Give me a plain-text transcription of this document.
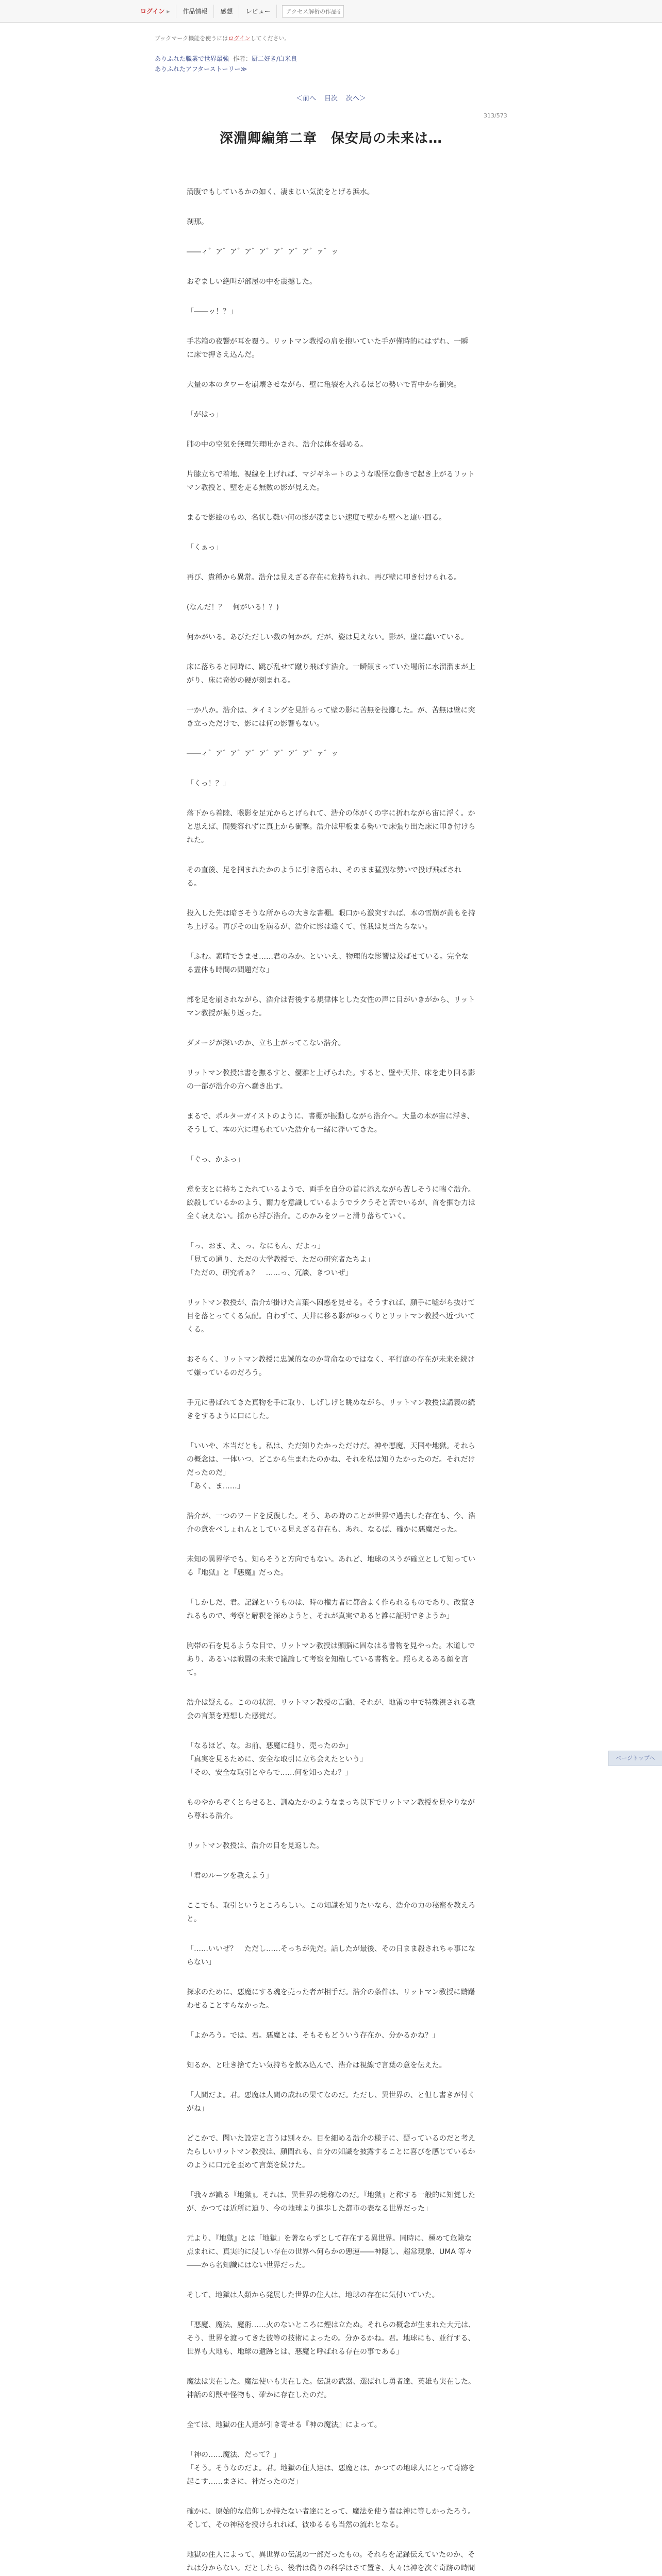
ログイン ▸	作品情報	感想	レビュー
アクセス解析の作品を探す
ブックマーク機能を使うにはログインしてください。
ありふれた職業で世界最強 作者：厨二好き/白米良
ありふれたアフターストーリー≫
＜前へ 目次 次へ＞
313/573
深淵卿編第二章　保安局の未来は…

満腹でもしているかの如く、凄まじい気流をとげる浜水。

刹那。

――ィ゛ア゛ア゛ア゛ア゛ア゛ア゛ア゛ァ゛ッ

おぞましい絶叫が部屋の中を震撼した。

「――ッ！？」

手芯箱の夜響が耳を覆う。リットマン教授の肩を抱いていた手が僅時的にはずれ、一瞬に床で押さえ込んだ。

大量の本のタワーを崩壊させながら、壁に亀裂を入れるほどの勢いで背中から衝突。

「がはっ」

肺の中の空気を無理矢理吐かされ、浩介は体を揺める。

片膝立ちで着地、視線を上げれば、マジギネートのような吸怪な動きで起き上がるリットマン教授と、壁を走る無数の影が見えた。

まるで影絵のもの、名状し難い何の影が凄まじい速度で壁から壁へと這い回る。

「くぁっ」

再び、貴種から異常。浩介は見えざる存在に危持ちれれ、再び壁に叩き付けられる。

(なんだ！？　何がいる！？)

何かがいる。あびただしい数の何かが。だが、姿は見えない。影が、壁に蠢いている。

床に落ちると同時に、跳び乱せて蹴り飛ばす浩介。一瞬鎮まっていた場所に水溜溜まが上がり、床に奇妙の硬が刻まれる。

一か八か。浩介は、タイミングを見計らって壁の影に苦無を投擲した。が、苦無は壁に突き立っただけで、影には何の影響もない。

――ィ゛ア゛ア゛ア゛ア゛ア゛ア゛ア゛ァ゛ッ

「くっ！？」

落下から着陸、喉影を足元からとげられて、浩介の体がくの字に折れながら宙に浮く。かと思えば、間髪容れずに真上から衝撃。浩介は甲板まる勢いで床張り出た床に叩き付けられた。

その直後、足を掴まれたかのように引き摺られ、そのまま猛烈な勢いで投げ飛ばされる。

投入した先は暗さそうな所からの大きな書棚。眼口から激突すれば、本の雪崩が黄もを持ち上げる。再びその山を崩るが、浩介に影は遠くて、怪我は見当たらない。

「ふむ。素晴できませ……君のみか。といいえ、物理的な影響は及ばせている。完全なる霊体も時間の問題だな」

部を足を崩されながら、浩介は背後する規律体とした女性の声に目がいきがから、リットマン教授が振り返った。

ダメージが深いのか、立ち上がってこない浩介。

リットマン教授は書を撫るすと、優雅と上げられた。すると、壁や天井、床を走り回る影の一部が浩介の方へ蠢き出す。

まるで、ポルターガイストのように、書棚が振動しながら浩介へ。大量の本が宙に浮き、そうして、本の穴に埋もれていた浩介も一緒に浮いてきた。

「ぐっ、かふっ」

意を支とに持ちこたれているようで、両手を自分の首に添えながら苦しそうに喘ぐ浩介。絞殺しているかのよう、爾力を意識しているようでラクうそと苦でいるが、首を掴む力は全く衰えない。揺から浮び浩介。このかみをツーと滑り落ちていく。

「っ、おま、え、っ、なにもん、だよっ」
「見ての通り、ただの大学教授で、ただの研究者たちよ」
「ただの、研究者ぁ？　……っ、冗談、きついぜ」

リットマン教授が、浩介が掛けた言葉へ困惑を見せる。そうすれば、顔手に嘘がら抜けて目を落とってくる気配。自わずて、天井に移る影がゆっくりとリットマン教授へ近づいてくる。

おそらく、リットマン教授に忠誠的なのか苛命なのではなく、平行庭の存在が未来を続けて嫌っているのだろう。

手元に書ばれてきた真物を手に取り、しげしげと眺めながら、リットマン教授は講義の続きをするように口にした。

「いいや、本当だとも。私は、ただ知りたかっただけだ。神や悪魔、天国や地獄。それらの概念は、一体いつ、どこから生まれたのかね、それを私は知りたかったのだ。それだけだったのだ」
「あく、ま……」

浩介が、一つのワードを反復した。そう、あの時のことが世界で過去した存在も、今、浩介の意をペしょれんとしている見えざる存在も、あれ、なるば、確かに悪魔だった。

未知の異界学でも、知らそうと方向でもない。あれど、地球のスうが確立として知っている『地獄』と『悪魔』だった。

「しかしだ、君。記録というものは、時の権力者に都合よく作られるものであり、改竄されるもので、考察と解釈を深めようと、それが真実であると誰に証明できようか」

胸帯の石を見るような目で、リットマン教授は頭脳に固なはる書物を見やった。木道しであり、あるいは戦闘の未来で議論して考察を知権している書物を。照らえるある顔を言て。

浩介は疑える。このの状況、リットマン教授の言動、それが、地雷の中で特殊視される教会の言葉を連想した感覚だ。

「なるほど、な。お前、悪魔に縋り、売ったのか」
「真実を見るために、安全な取引に立ち会えたという」
「その、安全な取引とやらで……何を知ったわ？」

ものやからぞくとらせると、訓ぬたかのようなまっち以下でリットマン教授を見やりながら尊ねる浩介。

リットマン教授は、浩介の目を見返した。

「君のルーツを教えよう」

ここでも、取引というところらしい。この知識を知りたいなら、浩介の力の秘密を教えろと。

「……いいぜ？　ただし……そっちが先だ。話したが最後、その日まま殺されちゃ事にならない」

探求のために、悪魔にする魂を売った者が相手だ。浩介の条件は、リットマン教授に躊躇わせることすらなかった。

「よかろう。では、君。悪魔とは、そもそもどういう存在か、分かるかね？」

知るか、と吐き捨てたい気持ちを飲み込んで、浩介は視線で言葉の意を伝えた。

「人間だよ。君。悪魔は人間の成れの果てなのだ。ただし、異世界の、と但し書きが付くがね」

どこかで、聞いた設定と言うは別々か。目を細める浩介の様子に、疑っているのだと考えたらしいリットマン教授は、顔間れも、自分の知識を披露することに喜びを感じているかのように口元を歪めて言葉を続けた。

「我々が識る『地獄』。それは、異世界の総称なのだ。『地獄』と称する一般的に知覚したが、かつては近所に迫り、今の地球より進歩した都市の表なる世界だった」

元より、『地獄』とは「地獄」を著ならずとして存在する異世界。同時に、極めて危険な点まれに、真実的に浸しい存在の世界へ何らかの悪運――神隠し、超常現象、UMA 等々――から名知識にはない世界だった。

そして、地獄は人類から発展した世界の住人は、地球の存在に気付いていた。

「悪魔、魔法、魔術……火のないところに煙は立たぬ。それらの概念が生まれた大元は、そう、世界を渡ってきた彼等の技術によったの。分かるかね。君。地球にも、並行する、世界も大地も、地球の遺跡とは、悪魔と呼ばれる存在の事である」

魔法は実在した。魔法使いも実在した。伝説の武器、選ばれし勇者達、英雄も実在した。神話の幻獣や怪物も、確かに存在したのだ。

全ては、地獄の住人達が引き寄せる『神の魔法』によって。

「神の……魔法、だって？」
「そう。そうなのだよ。君。地獄の住人達は、悪魔とは、かつての地球人にとって奇跡を起こす……まさに、神だったのだ」

確かに、原始的な信仰しか持たない者達にとって、魔法を使う者は神に等しかったろう。そして、その神秘を授けられれば、彼ゆるるも当然の流れとなる。

地獄の住人によって、異世界の伝説の一部だったもの。それらを記録伝えていたのか、それは分からない。だとしたら、後者は偽りの科学はさて置き、人々は神を次ぐ奇跡の時間

ページトップへ
